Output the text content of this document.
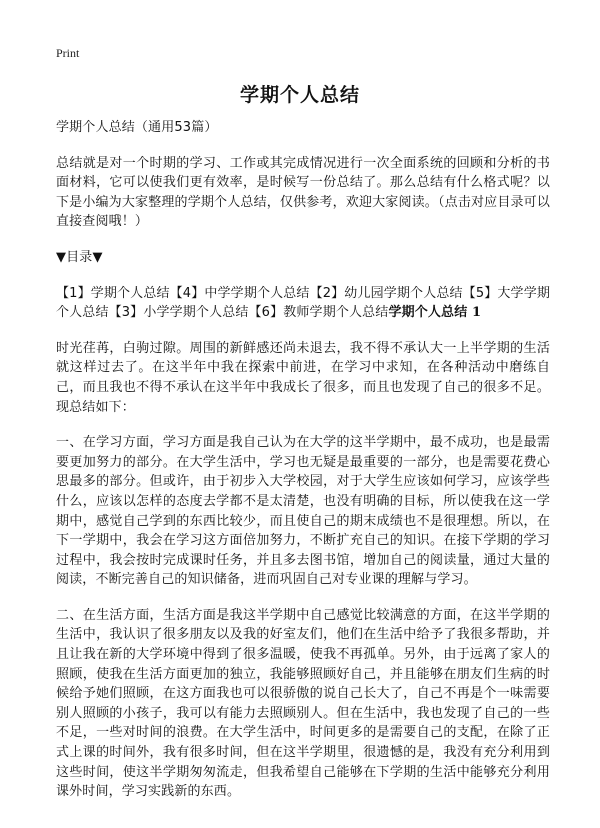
Print
学期个人总结

学期个人总结（通用53篇）

总结就是对一个时期的学习、工作或其完成情况进行一次全面系统的回顾和分析的书面材料，它可以使我们更有效率，是时候写一份总结了。那么总结有什么格式呢？以下是小编为大家整理的学期个人总结，仅供参考，欢迎大家阅读。（点击对应目录可以直接查阅哦！）

▼目录▼

【1】学期个人总结【4】中学学期个人总结【2】幼儿园学期个人总结【5】大学学期个人总结【3】小学学期个人总结【6】教师学期个人总结学期个人总结 1

时光荏苒，白驹过隙。周围的新鲜感还尚未退去，我不得不承认大一上半学期的生活就这样过去了。在这半年中我在探索中前进，在学习中求知，在各种活动中磨练自己，而且我也不得不承认在这半年中我成长了很多，而且也发现了自己的很多不足。现总结如下：

一、在学习方面，学习方面是我自己认为在大学的这半学期中，最不成功，也是最需要更加努力的部分。在大学生活中，学习也无疑是最重要的一部分，也是需要花费心思最多的部分。但或许，由于初步入大学校园，对于大学生应该如何学习，应该学些什么，应该以怎样的态度去学都不是太清楚，也没有明确的目标，所以使我在这一学期中，感觉自己学到的东西比较少，而且使自己的期末成绩也不是很理想。所以，在下一学期中，我会在学习这方面倍加努力，不断扩充自己的知识。在接下学期的学习过程中，我会按时完成课时任务，并且多去图书馆，增加自己的阅读量，通过大量的阅读，不断完善自己的知识储备，进而巩固自己对专业课的理解与学习。

二、在生活方面，生活方面是我这半学期中自己感觉比较满意的方面，在这半学期的生活中，我认识了很多朋友以及我的好室友们，他们在生活中给予了我很多帮助，并且让我在新的大学环境中得到了很多温暖，使我不再孤单。另外，由于远离了家人的照顾，使我在生活方面更加的独立，我能够照顾好自己，并且能够在朋友们生病的时候给予她们照顾，在这方面我也可以很骄傲的说自己长大了，自己不再是个一味需要别人照顾的小孩子，我可以有能力去照顾别人。但在生活中，我也发现了自己的一些不足，一些对时间的浪费。在大学生活中，时间更多的是需要自己的支配，在除了正式上课的时间外，我有很多时间，但在这半学期里，很遗憾的是，我没有充分利用到这些时间，使这半学期匆匆流走，但我希望自己能够在下学期的生活中能够充分利用课外时间，学习实践新的东西。
